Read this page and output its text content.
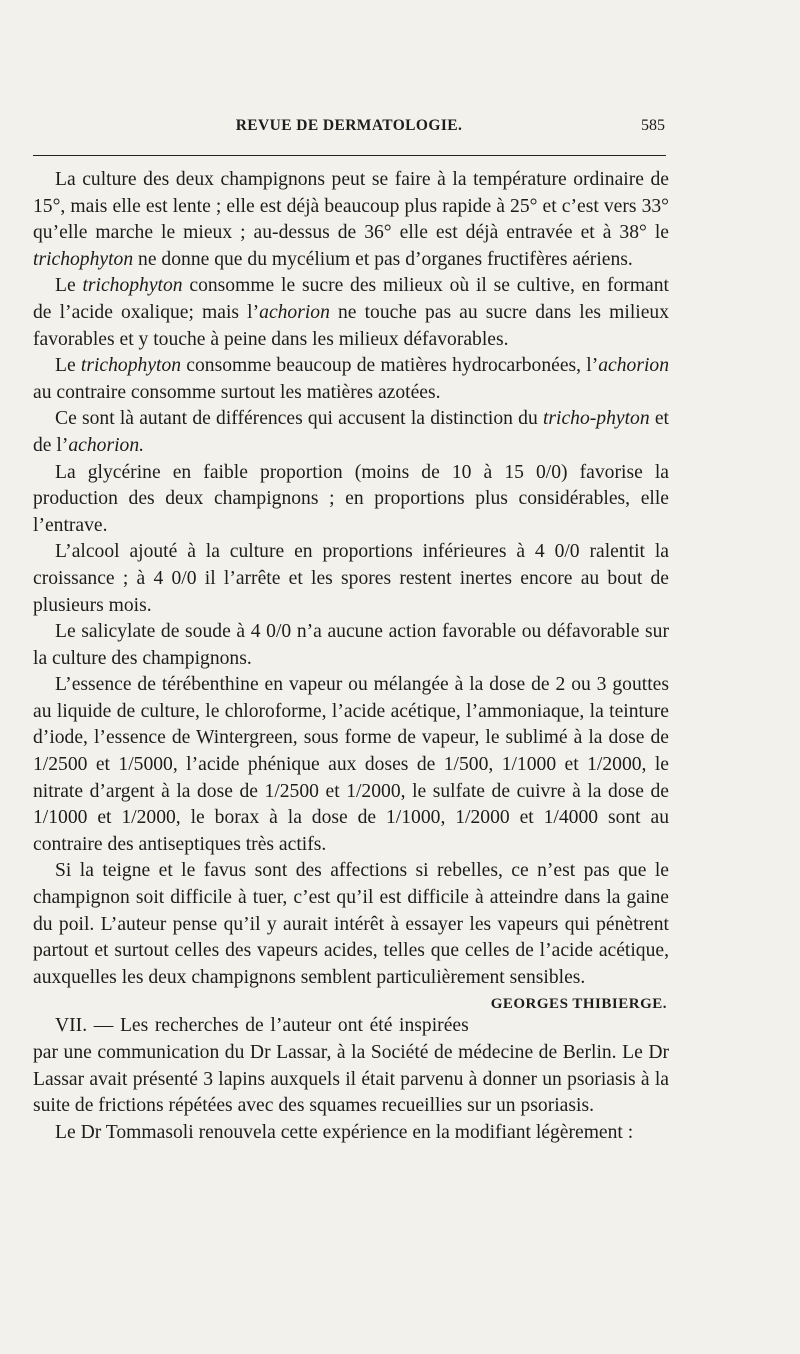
REVUE DE DERMATOLOGIE.	585

La culture des deux champignons peut se faire à la température ordinaire de 15°, mais elle est lente ; elle est déjà beaucoup plus rapide à 25° et c’est vers 33° qu’elle marche le mieux ; au-dessus de 36° elle est déjà entravée et à 38° le trichophyton ne donne que du mycélium et pas d’organes fructifères aériens.

Le trichophyton consomme le sucre des milieux où il se cultive, en formant de l’acide oxalique; mais l’achorion ne touche pas au sucre dans les milieux favorables et y touche à peine dans les milieux défavorables.

Le trichophyton consomme beaucoup de matières hydrocarbonées, l’achorion au contraire consomme surtout les matières azotées.

Ce sont là autant de différences qui accusent la distinction du tricho-phyton et de l’achorion.

La glycérine en faible proportion (moins de 10 à 15 0/0) favorise la production des deux champignons ; en proportions plus considérables, elle l’entrave.

L’alcool ajouté à la culture en proportions inférieures à 4 0/0 ralentit la croissance ; à 4 0/0 il l’arrête et les spores restent inertes encore au bout de plusieurs mois.

Le salicylate de soude à 4 0/0 n’a aucune action favorable ou défavorable sur la culture des champignons.

L’essence de térébenthine en vapeur ou mélangée à la dose de 2 ou 3 gouttes au liquide de culture, le chloroforme, l’acide acétique, l’ammoniaque, la teinture d’iode, l’essence de Wintergreen, sous forme de vapeur, le sublimé à la dose de 1/2500 et 1/5000, l’acide phénique aux doses de 1/500, 1/1000 et 1/2000, le nitrate d’argent à la dose de 1/2500 et 1/2000, le sulfate de cuivre à la dose de 1/1000 et 1/2000, le borax à la dose de 1/1000, 1/2000 et 1/4000 sont au contraire des antiseptiques très actifs.

Si la teigne et le favus sont des affections si rebelles, ce n’est pas que le champignon soit difficile à tuer, c’est qu’il est difficile à atteindre dans la gaine du poil. L’auteur pense qu’il y aurait intérêt à essayer les vapeurs qui pénètrent partout et surtout celles des vapeurs acides, telles que celles de l’acide acétique, auxquelles les deux champignons semblent particulièrement sensibles.
GEORGES THIBIERGE.

VII. — Les recherches de l’auteur ont été inspirées par une communication du Dr Lassar, à la Société de médecine de Berlin. Le Dr Lassar avait présenté 3 lapins auxquels il était parvenu à donner un psoriasis à la suite de frictions répétées avec des squames recueillies sur un psoriasis.

Le Dr Tommasoli renouvela cette expérience en la modifiant légèrement :
